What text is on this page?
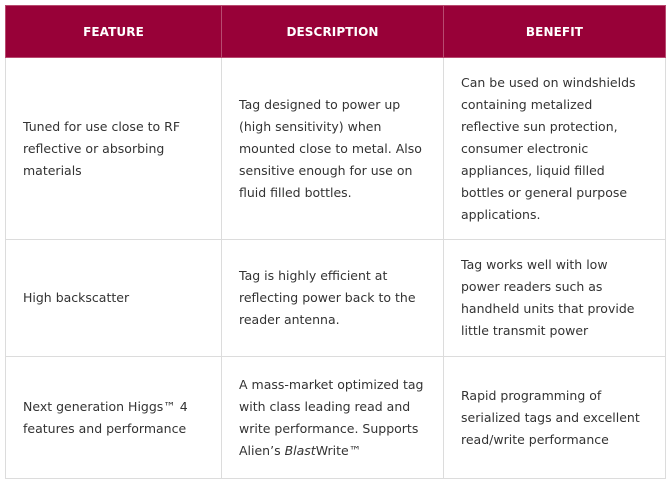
FEATURE	DESCRIPTION	BENEFIT

Tuned for use close to RF reflective or absorbing materials	Tag designed to power up (high sensitivity) when mounted close to metal. Also sensitive enough for use on fluid filled bottles.	Can be used on windshields containing metalized reflective sun protection, consumer electronic appliances, liquid filled bottles or general purpose applications.

High backscatter	Tag is highly efficient at reflecting power back to the reader antenna.	Tag works well with low power readers such as handheld units that provide little transmit power

Next generation Higgs™ 4 features and performance	A mass-market optimized tag with class leading read and write performance. Supports Alien’s BlastWrite™	Rapid programming of serialized tags and excellent read/write performance
